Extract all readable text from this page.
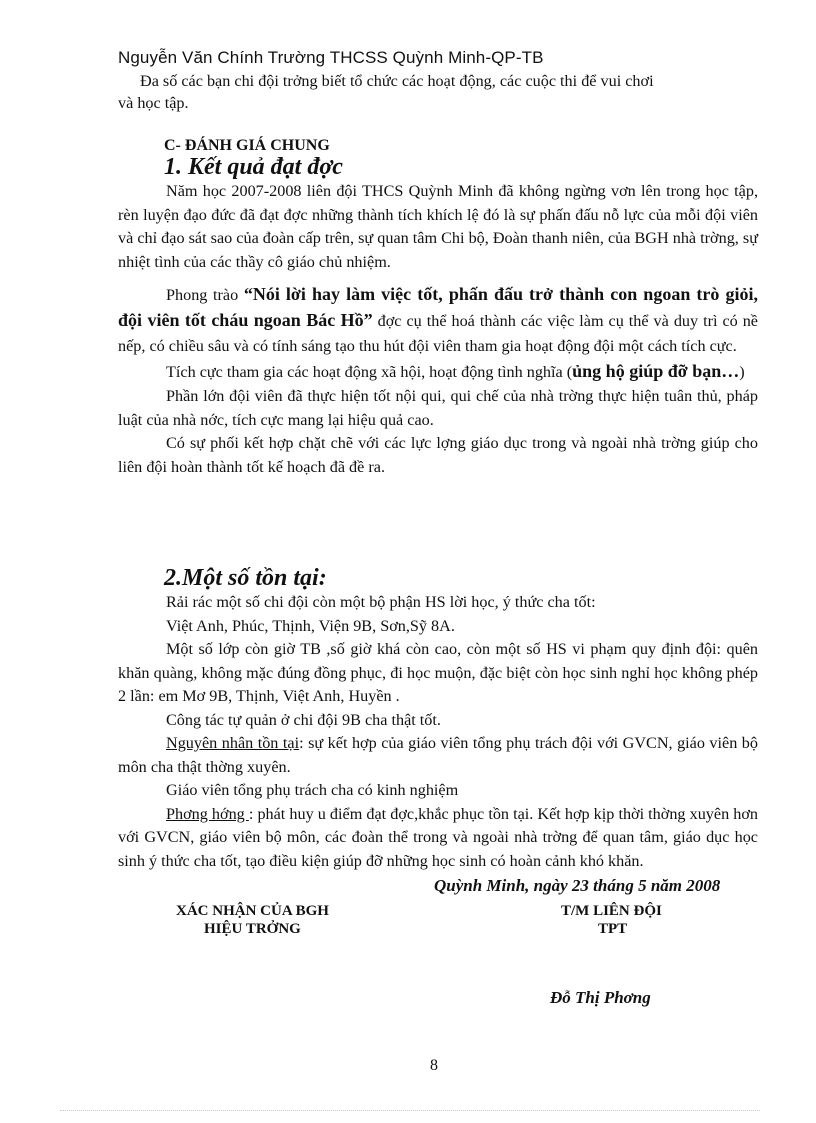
Nguyễn Văn Chính Trường THCSS Quỳnh Minh-QP-TB
Đa số các bạn chi đội trởng biết tổ chức các hoạt động, các cuộc thi để vui chơi
và học tập.
C- ĐÁNH GIÁ CHUNG
1. Kết quả đạt đợc

Năm học 2007-2008 liên đội THCS Quỳnh Minh đã không ngừng vơn lên trong học tập, rèn luyện đạo đức đã đạt đợc những thành tích khích lệ đó là sự phấn đấu nỗ lực của mỗi đội viên và chỉ đạo sát sao của đoàn cấp trên, sự quan tâm Chi bộ, Đoàn thanh niên, của BGH nhà trờng, sự nhiệt tình của các thầy cô giáo chủ nhiệm.

Phong trào “Nói lời hay làm việc tốt, phấn đấu trở thành con ngoan trò giỏi, đội viên tốt cháu ngoan Bác Hồ” đợc cụ thể hoá thành các việc làm cụ thể và duy trì có nề nếp, có chiều sâu và có tính sáng tạo thu hút đội viên tham gia hoạt động đội một cách tích cực.

Tích cực tham gia các hoạt động xã hội, hoạt động tình nghĩa (ủng hộ giúp đỡ bạn…)

Phần lớn đội viên đã thực hiện tốt nội qui, qui chế của nhà trờng thực hiện tuân thủ, pháp luật của nhà nớc, tích cực mang lại hiệu quả cao.

Có sự phối kết hợp chặt chẽ với các lực lợng giáo dục trong và ngoài nhà trờng giúp cho liên đội hoàn thành tốt kế hoạch đã đề ra.

2.Một số tồn tại:

Rải rác một số chi đội còn một bộ phận HS lời học, ý thức cha tốt:

Việt Anh, Phúc, Thịnh, Viện 9B, Sơn,Sỹ 8A.

Một số lớp còn giờ TB ,số giờ khá còn cao, còn một số HS vi phạm quy định đội: quên khăn quàng, không mặc đúng đồng phục, đi học muộn, đặc biệt còn học sinh nghỉ học không phép 2 lần: em Mơ 9B, Thịnh, Việt Anh, Huyền .

Công tác tự quản ở chi đội 9B cha thật tốt.

Nguyên nhân tồn tại: sự kết hợp của giáo viên tổng phụ trách đội với GVCN, giáo viên bộ môn cha thật thờng xuyên.

Giáo viên tổng phụ trách cha có kinh nghiệm

Phơng hớng : phát huy u điểm đạt đợc,khắc phục tồn tại. Kết hợp kịp thời thờng xuyên hơn với GVCN, giáo viên bộ môn, các đoàn thể trong và ngoài nhà trờng để quan tâm, giáo dục học sinh ý thức cha tốt, tạo điều kiện giúp đỡ những học sinh có hoàn cảnh khó khăn.

Quỳnh Minh, ngày 23 tháng 5 năm 2008
XÁC NHẬN CỦA BGH
HIỆU TRỞNG
T/M LIÊN ĐỘI
TPT
Đỗ Thị Phơng
8
